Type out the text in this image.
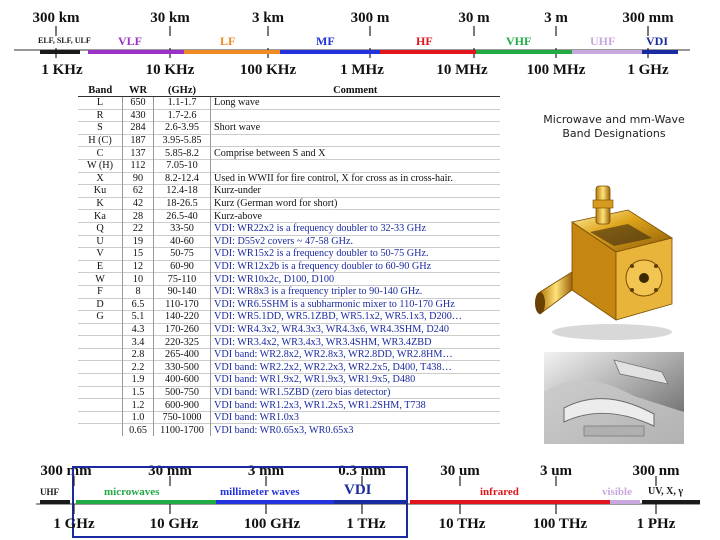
300 km	30 km	3 km	300 m	30 m	3 m	300 mm
ELF, SLF, ULF VLF	LF	MF	HF	VHF	UHF	VDI
1 KHz	10 KHz	100 KHz	1 MHz	10 MHz	100 MHz	1 GHz
Band	WR	(GHz)	Comment
L	650	1.1-1.7	Long wave
R	430	1.7-2.6	
S	284	2.6-3.95	Short wave
H (C)	187	3.95-5.85	
C	137	5.85-8.2	Comprise between S and X
W (H)	112	7.05-10	
X	90	8.2-12.4	Used in WWII for fire control, X for cross as in cross-hair.
Ku	62	12.4-18	Kurz-under
K	42	18-26.5	Kurz (German word for short)
Ka	28	26.5-40	Kurz-above
Q	22	33-50	VDI: WR22x2 is a frequency doubler to 32-33 GHz
U	19	40-60	VDI: D55v2 covers ~ 47-58 GHz.
V	15	50-75	VDI: WR15x2 is a frequency doubler to 50-75 GHz.
E	12	60-90	VDI: WR12x2b is a frequency doubler to 60-90 GHz
W	10	75-110	VDI: WR10x2c, D100, D100
F	8	90-140	VDI: WR8x3 is a frequency tripler to 90-140 GHz.
D	6.5	110-170	VDI: WR6.5SHM is a subharmonic mixer to 110-170 GHz
G	5.1	140-220	VDI: WR5.1DD, WR5.1ZBD, WR5.1x2, WR5.1x3, D200…
	4.3	170-260	VDI: WR4.3x2, WR4.3x3, WR4.3x6, WR4.3SHM, D240
	3.4	220-325	VDI: WR3.4x2, WR3.4x3, WR3.4SHM, WR3.4ZBD
	2.8	265-400	VDI band: WR2.8x2, WR2.8x3, WR2.8DD, WR2.8HM…
	2.2	330-500	VDI band: WR2.2x2, WR2.2x3, WR2.2x5, D400, T438…
	1.9	400-600	VDI band: WR1.9x2, WR1.9x3, WR1.9x5, D480
	1.5	500-750	VDI band: WR1.5ZBD (zero bias detector)
	1.2	600-900	VDI band: WR1.2x3, WR1.2x5, WR1.2SHM, T738
	1.0	750-1000	VDI band: WR1.0x3
	0.65	1100-1700	VDI band: WR0.65x3, WR0.65x3
Microwave and mm-Wave
Band Designations
300 mm	30 mm	3 mm	0.3 mm	30 um	3 um	300 nm
UHF	microwaves	millimeter waves	VDI	infrared	visible UV, X, γ
1 GHz	10 GHz	100 GHz	1 THz	10 THz	100 THz	1 PHz
